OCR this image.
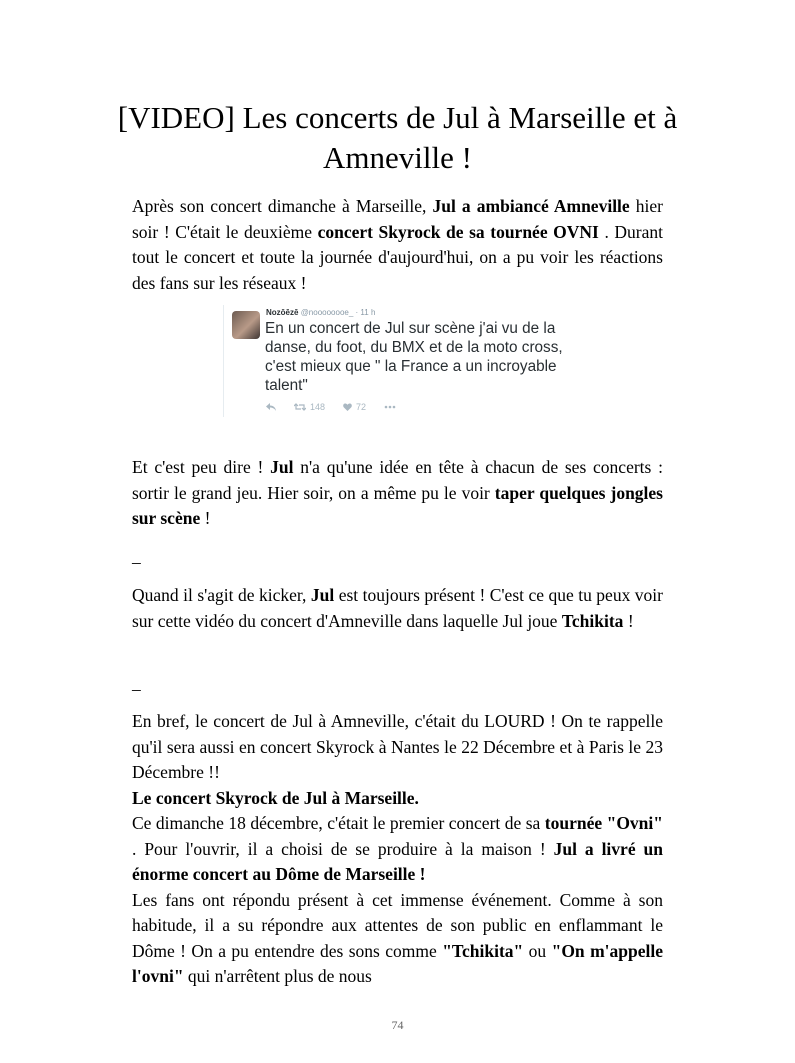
[VIDEO] Les concerts de Jul à Marseille et à Amneville !

Après son concert dimanche à Marseille, Jul a ambiancé Amneville hier soir ! C'était le deuxième concert Skyrock de sa tournée OVNI . Durant tout le concert et toute la journée d'aujourd'hui, on a pu voir les réactions des fans sur les réseaux !

Nozōēzē @noooooooe_ · 11 h
En un concert de Jul sur scène j'ai vu de la danse, du foot, du BMX et de la moto cross, c'est mieux que " la France a un incroyable talent"
148	72

Et c'est peu dire ! Jul n'a qu'une idée en tête à chacun de ses concerts : sortir le grand jeu. Hier soir, on a même pu le voir taper quelques jongles sur scène !

–

Quand il s'agit de kicker, Jul est toujours présent ! C'est ce que tu peux voir sur cette vidéo du concert d'Amneville dans laquelle Jul joue Tchikita !

–

En bref, le concert de Jul à Amneville, c'était du LOURD ! On te rappelle qu'il sera aussi en concert Skyrock à Nantes le 22 Décembre et à Paris le 23 Décembre !!

Le concert Skyrock de Jul à Marseille.

Ce dimanche 18 décembre, c'était le premier concert de sa tournée "Ovni" . Pour l'ouvrir, il a choisi de se produire à la maison ! Jul a livré un énorme concert au Dôme de Marseille !

Les fans ont répondu présent à cet immense événement. Comme à son habitude, il a su répondre aux attentes de son public en enflammant le Dôme ! On a pu entendre des sons comme "Tchikita" ou "On m'appelle l'ovni" qui n'arrêtent plus de nous

74
